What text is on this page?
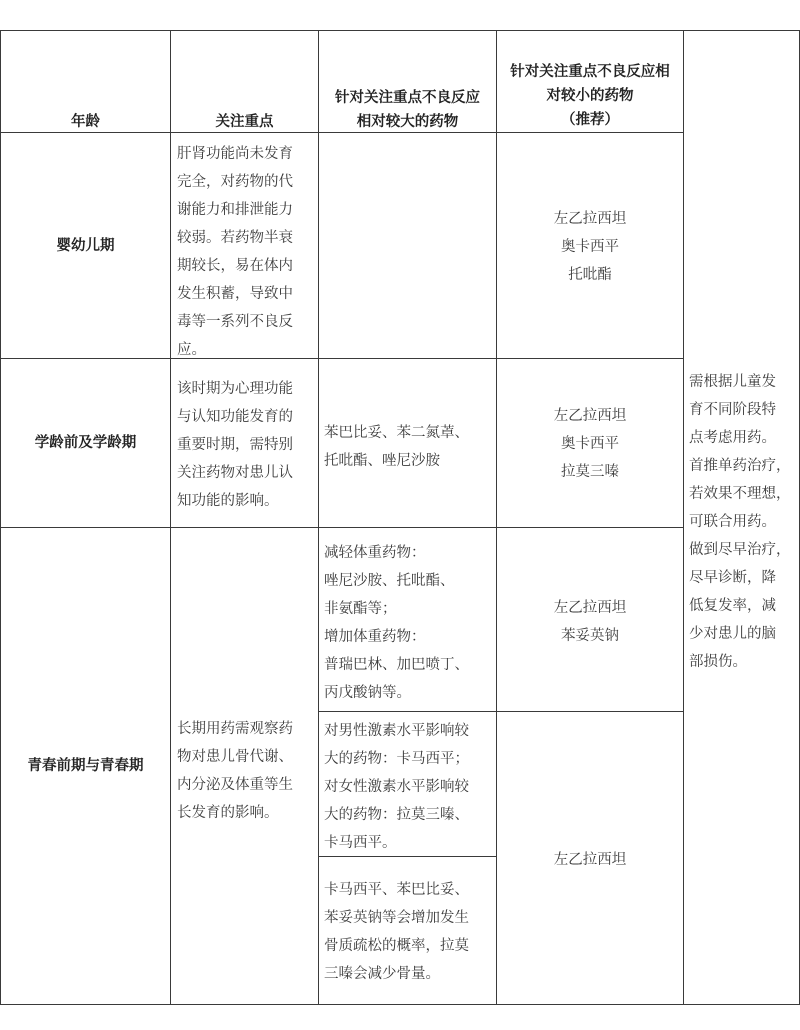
年龄	关注重点
针对关注重点不良反应
相对较大的药物
针对关注重点不良反应相
对较小的药物
（推荐）
婴幼儿期
肝肾功能尚未发育
完全，对药物的代
谢能力和排泄能力
较弱。若药物半衰
期较长，易在体内
发生积蓄，导致中
毒等一系列不良反
应。
左乙拉西坦
奥卡西平
托吡酯
学龄前及学龄期
该时期为心理功能
与认知功能发育的
重要时期，需特别
关注药物对患儿认
知功能的影响。
苯巴比妥、苯二氮䓬、
托吡酯、唑尼沙胺
左乙拉西坦
奥卡西平
拉莫三嗪
青春前期与青春期
长期用药需观察药
物对患儿骨代谢、
内分泌及体重等生
长发育的影响。
减轻体重药物：
唑尼沙胺、托吡酯、
非氨酯等；
增加体重药物：
普瑞巴林、加巴喷丁、
丙戊酸钠等。
对男性激素水平影响较
大的药物：卡马西平；
对女性激素水平影响较
大的药物：拉莫三嗪、
卡马西平。
卡马西平、苯巴比妥、
苯妥英钠等会增加发生
骨质疏松的概率，拉莫
三嗪会减少骨量。
左乙拉西坦
苯妥英钠
左乙拉西坦
需根据儿童发
育不同阶段特
点考虑用药。
首推单药治疗，
若效果不理想，
可联合用药。
做到尽早治疗，
尽早诊断，降
低复发率，减
少对患儿的脑
部损伤。
